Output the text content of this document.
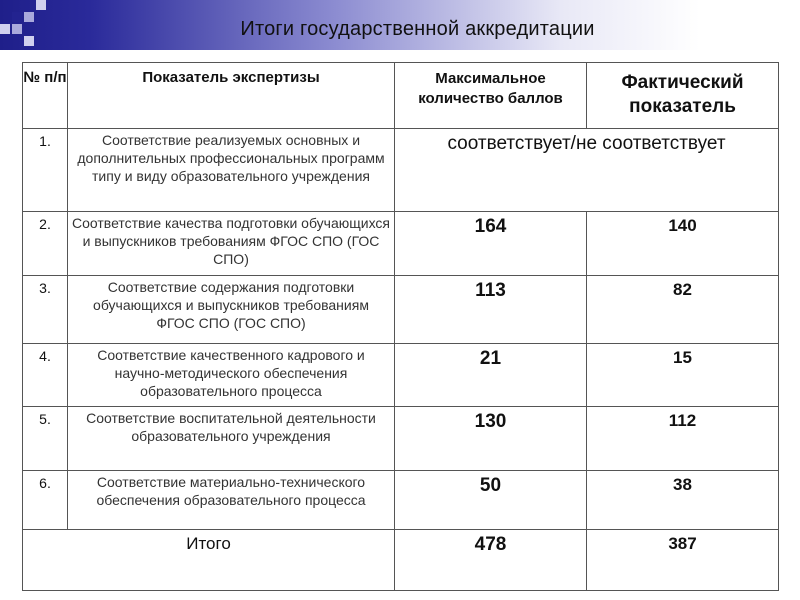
Итоги государственной аккредитации
№ п/п	Показатель экспертизы	Максимальное количество баллов	Фактический показатель
1.	Соответствие реализуемых основных и дополнительных профессиональных программ типу и виду образовательного учреждения	соответствует/не соответствует	
2.	Соответствие качества подготовки обучающихся и выпускников требованиям ФГОС СПО (ГОС СПО)	164	140
3.	Соответствие содержания подготовки обучающихся и выпускников требованиям ФГОС СПО (ГОС СПО)	113	82
4.	Соответствие качественного кадрового и научно-методического обеспечения образовательного процесса	21	15
5.	Соответствие воспитательной деятельности образовательного учреждения	130	112
6.	Соответствие материально-технического обеспечения образовательного процесса	50	38
Итого		478	387
